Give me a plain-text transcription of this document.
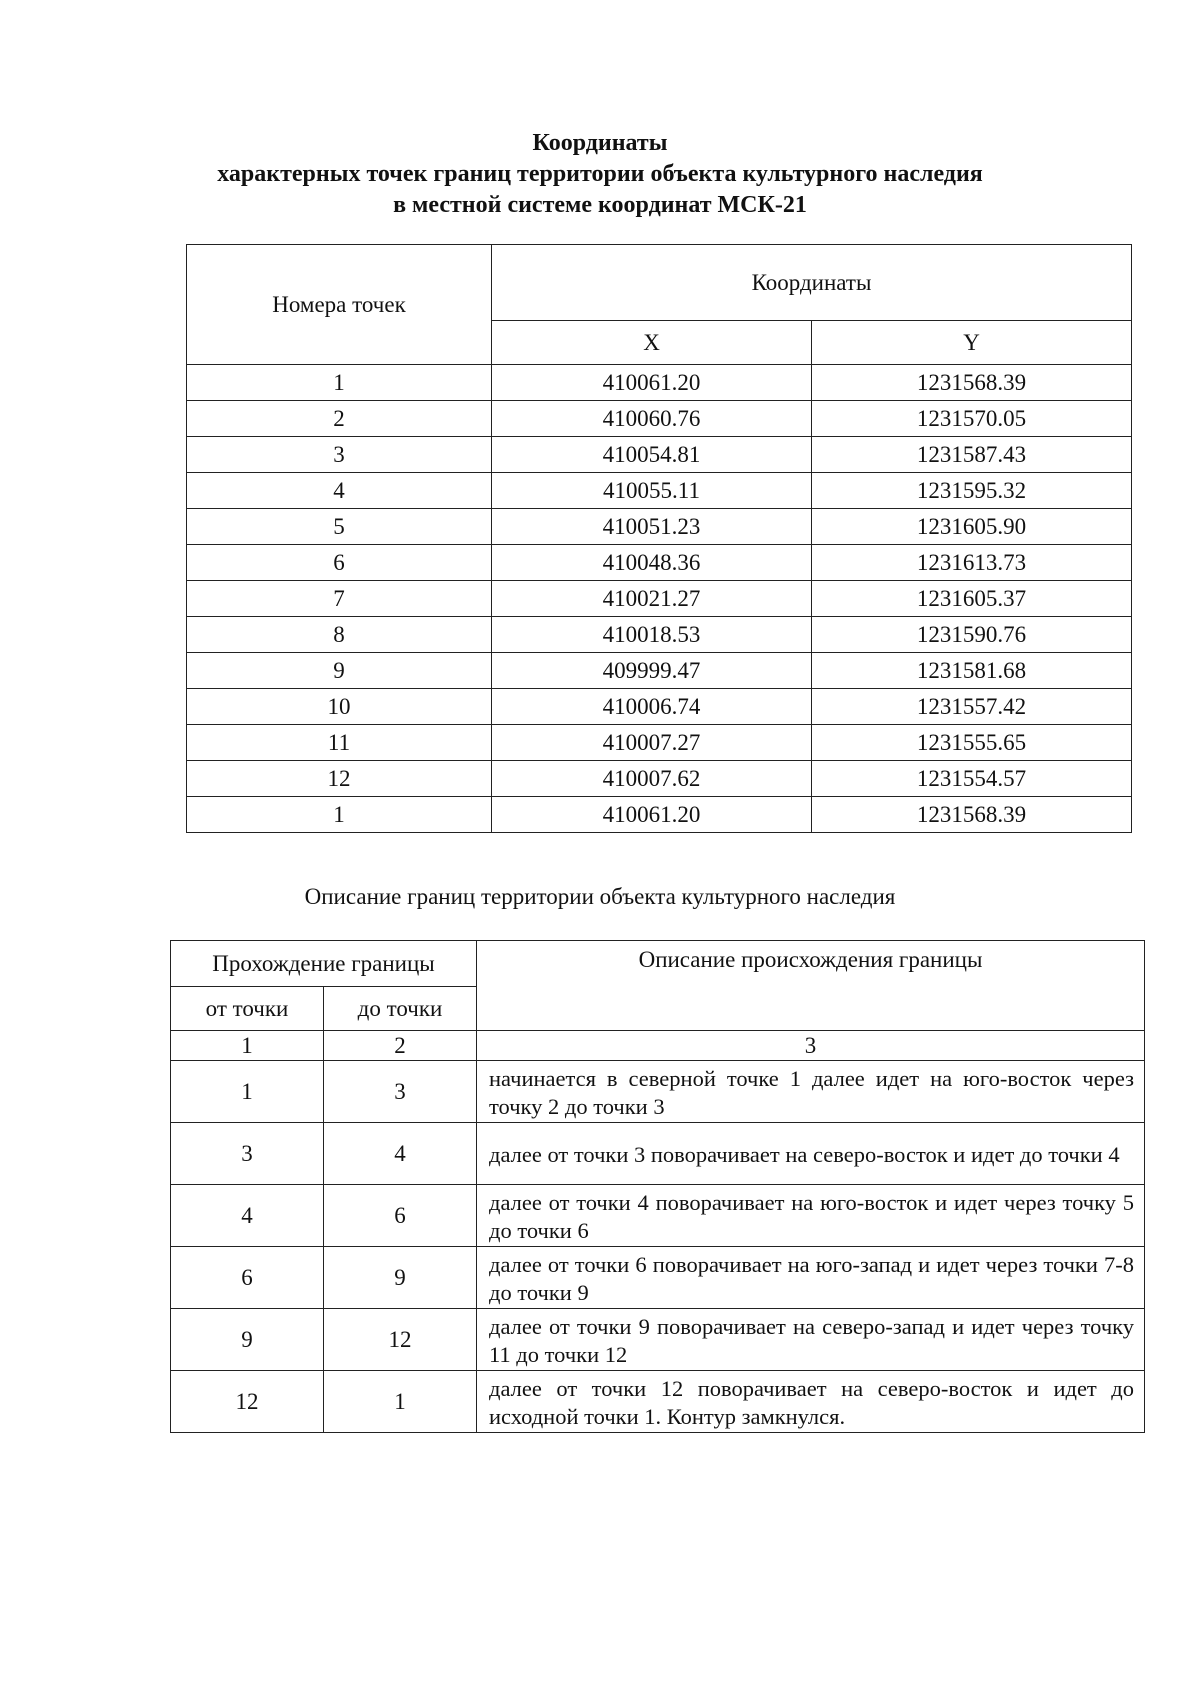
Координаты
характерных точек границ территории объекта культурного наследия
в местной системе координат МСК-21
Номера точек	Координаты	
	X	Y
1	410061.20	1231568.39
2	410060.76	1231570.05
3	410054.81	1231587.43
4	410055.11	1231595.32
5	410051.23	1231605.90
6	410048.36	1231613.73
7	410021.27	1231605.37
8	410018.53	1231590.76
9	409999.47	1231581.68
10	410006.74	1231557.42
11	410007.27	1231555.65
12	410007.62	1231554.57
1	410061.20	1231568.39
Описание границ территории объекта культурного наследия
Прохождение границы		Описание происхождения границы
от точки	до точки	
1	2	3
1	3	начинается в северной точке 1 далее идет на юго-восток через точку 2 до точки 3
3	4	далее от точки 3 поворачивает на северо-восток и идет до точки 4
4	6	далее от точки 4 поворачивает на юго-восток и идет через точку 5 до точки 6
6	9	далее от точки 6 поворачивает на юго-запад и идет через точки 7-8 до точки 9
9	12	далее от точки 9 поворачивает на северо-запад и идет через точку 11 до точки 12
12	1	далее от точки 12 поворачивает на северо-восток и идет до исходной точки 1. Контур замкнулся.
